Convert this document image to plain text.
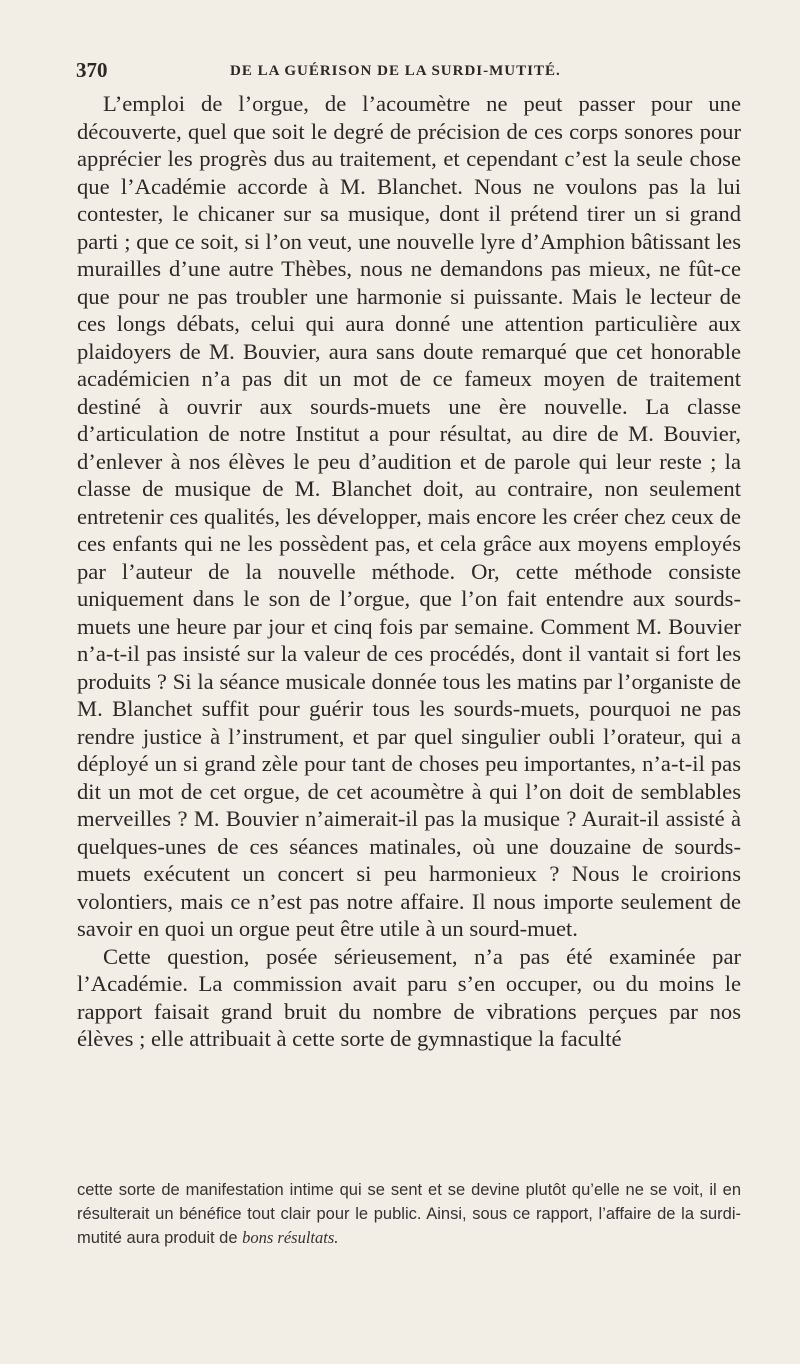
370	DE LA GUÉRISON DE LA SURDI-MUTITÉ.

L’emploi de l’orgue, de l’acoumètre ne peut passer pour une découverte, quel que soit le degré de précision de ces corps sonores pour apprécier les progrès dus au traitement, et cependant c’est la seule chose que l’Académie accorde à M. Blanchet. Nous ne voulons pas la lui contester, le chicaner sur sa musique, dont il prétend tirer un si grand parti ; que ce soit, si l’on veut, une nouvelle lyre d’Amphion bâtissant les murailles d’une autre Thèbes, nous ne demandons pas mieux, ne fût-ce que pour ne pas troubler une harmonie si puissante. Mais le lecteur de ces longs débats, celui qui aura donné une attention particulière aux plaidoyers de M. Bouvier, aura sans doute remarqué que cet honorable académicien n’a pas dit un mot de ce fameux moyen de traitement destiné à ouvrir aux sourds-muets une ère nouvelle. La classe d’articulation de notre Institut a pour résultat, au dire de M. Bouvier, d’enlever à nos élèves le peu d’audition et de parole qui leur reste ; la classe de musique de M. Blanchet doit, au contraire, non seulement entretenir ces qualités, les développer, mais encore les créer chez ceux de ces enfants qui ne les possèdent pas, et cela grâce aux moyens employés par l’auteur de la nouvelle méthode. Or, cette méthode consiste uniquement dans le son de l’orgue, que l’on fait entendre aux sourds-muets une heure par jour et cinq fois par semaine. Comment M. Bouvier n’a-t-il pas insisté sur la valeur de ces procédés, dont il vantait si fort les produits ? Si la séance musicale donnée tous les matins par l’organiste de M. Blanchet suffit pour guérir tous les sourds-muets, pourquoi ne pas rendre justice à l’instrument, et par quel singulier oubli l’orateur, qui a déployé un si grand zèle pour tant de choses peu importantes, n’a-t-il pas dit un mot de cet orgue, de cet acoumètre à qui l’on doit de semblables merveilles ? M. Bouvier n’aimerait-il pas la musique ? Aurait-il assisté à quelques-unes de ces séances matinales, où une douzaine de sourds-muets exécutent un concert si peu harmonieux ? Nous le croirions volontiers, mais ce n’est pas notre affaire. Il nous importe seulement de savoir en quoi un orgue peut être utile à un sourd-muet.

Cette question, posée sérieusement, n’a pas été examinée par l’Académie. La commission avait paru s’en occuper, ou du moins le rapport faisait grand bruit du nombre de vibrations perçues par nos élèves ; elle attribuait à cette sorte de gymnastique la faculté

cette sorte de manifestation intime qui se sent et se devine plutôt qu’elle ne se voit, il en résulterait un bénéfice tout clair pour le public. Ainsi, sous ce rapport, l’affaire de la surdi-mutité aura produit de bons résultats.
